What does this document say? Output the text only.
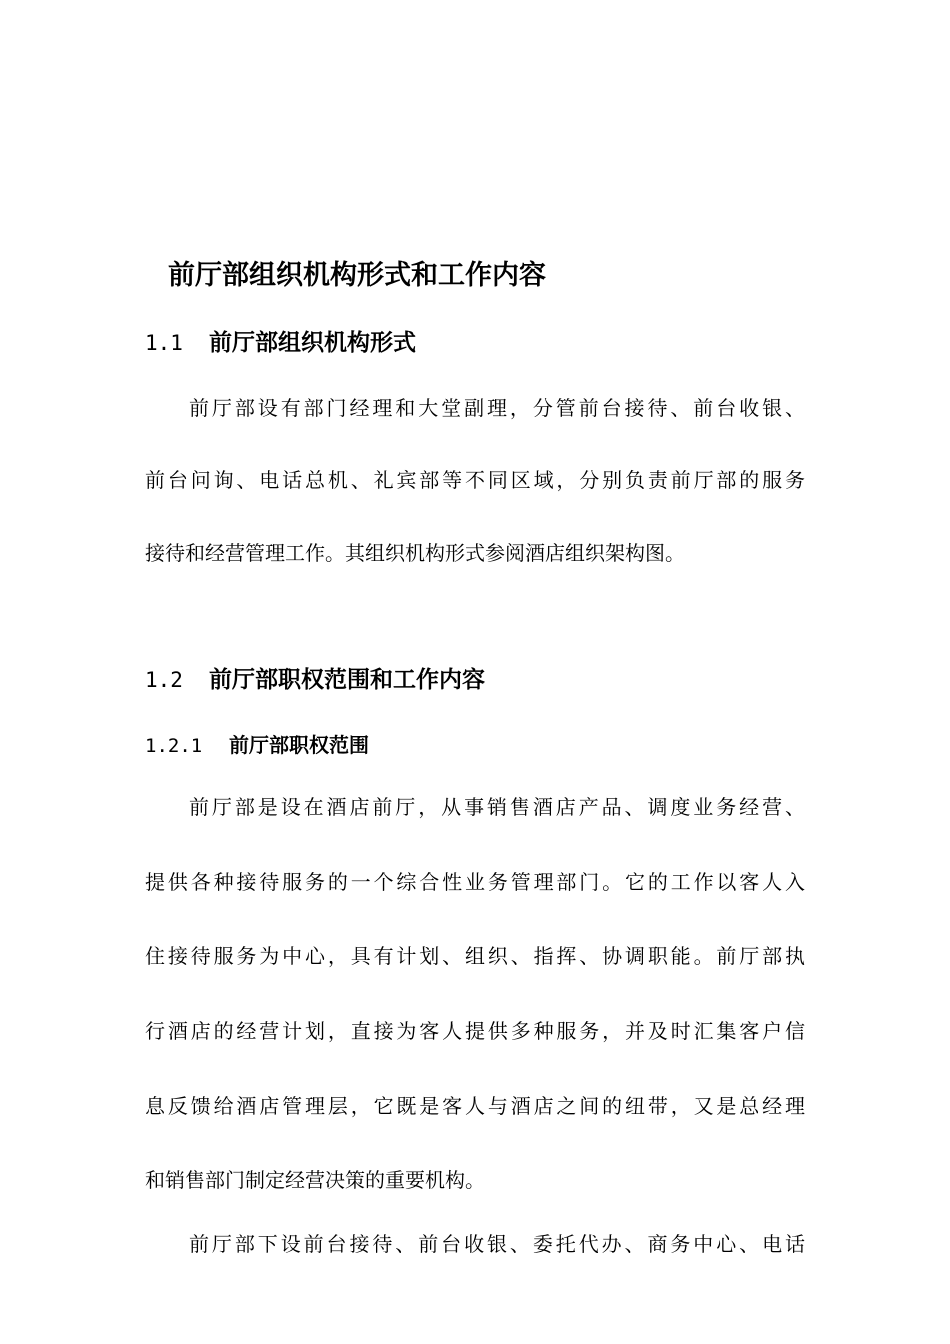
前厅部组织机构形式和工作内容
1.1 前厅部组织机构形式
前厅部设有部门经理和大堂副理，分管前台接待、前台收银、
前台问询、电话总机、礼宾部等不同区域，分别负责前厅部的服务
接待和经营管理工作。其组织机构形式参阅酒店组织架构图。
1.2 前厅部职权范围和工作内容
1.2.1 前厅部职权范围
前厅部是设在酒店前厅，从事销售酒店产品、调度业务经营、
提供各种接待服务的一个综合性业务管理部门。它的工作以客人入
住接待服务为中心，具有计划、组织、指挥、协调职能。前厅部执
行酒店的经营计划，直接为客人提供多种服务，并及时汇集客户信
息反馈给酒店管理层，它既是客人与酒店之间的纽带，又是总经理
和销售部门制定经营决策的重要机构。
前厅部下设前台接待、前台收银、委托代办、商务中心、电话
